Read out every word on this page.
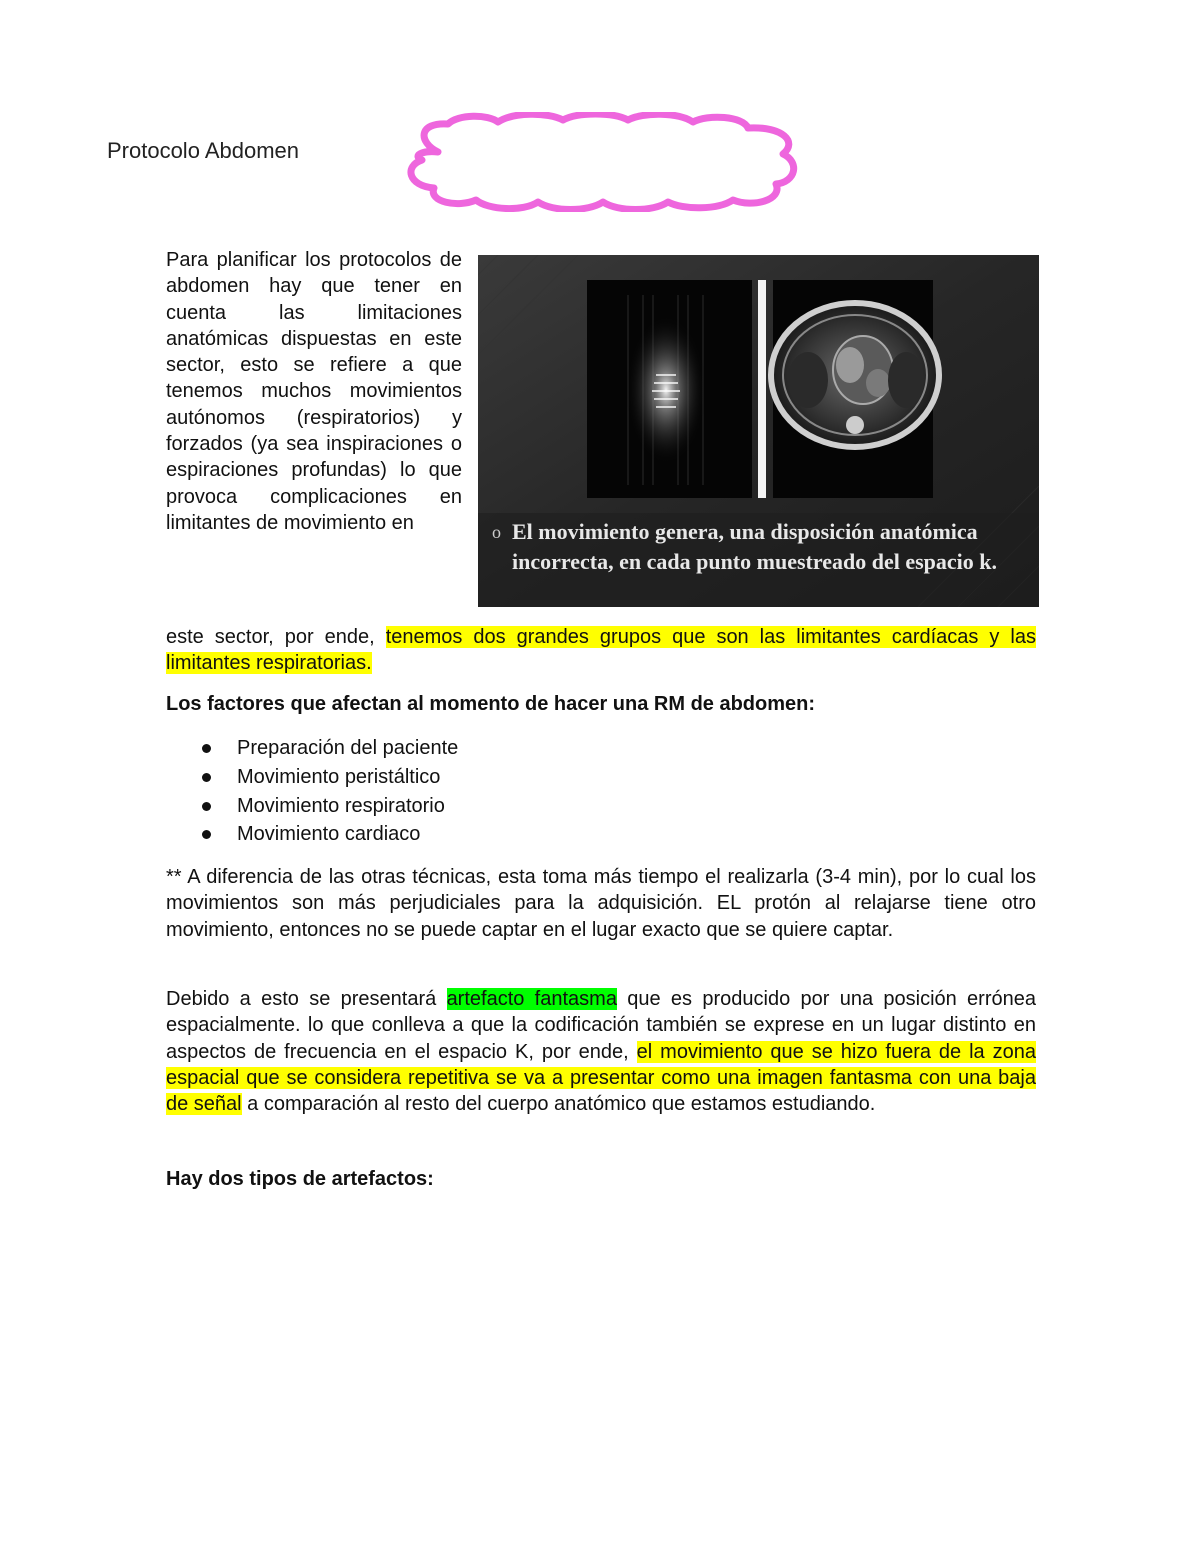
Protocolo Abdomen
Para planificar los protocolos de abdomen hay que tener en cuenta las limitaciones anatómicas dispuestas en este sector, esto se refiere a que tenemos muchos movimientos autónomos (respiratorios) y forzados (ya sea inspiraciones o espiraciones profundas) lo que provoca complicaciones en limitantes de movimiento en	o El movimiento genera, una disposición anatómica incorrecta, en cada punto muestreado del espacio k.
este sector, por ende, tenemos dos grandes grupos que son las limitantes cardíacas y las limitantes respiratorias.
Los factores que afectan al momento de hacer una RM de abdomen:
Preparación del paciente
Movimiento peristáltico
Movimiento respiratorio
Movimiento cardiaco
** A diferencia de las otras técnicas, esta toma más tiempo el realizarla (3-4 min), por lo cual los movimientos son más perjudiciales para la adquisición. EL protón al relajarse tiene otro movimiento, entonces no se puede captar en el lugar exacto que se quiere captar.
Debido a esto se presentará artefacto fantasma que es producido por una posición errónea espacialmente. lo que conlleva a que la codificación también se exprese en un lugar distinto en aspectos de frecuencia en el espacio K, por ende, el movimiento que se hizo fuera de la zona espacial que se considera repetitiva se va a presentar como una imagen fantasma con una baja de señal a comparación al resto del cuerpo anatómico que estamos estudiando.
Hay dos tipos de artefactos:
